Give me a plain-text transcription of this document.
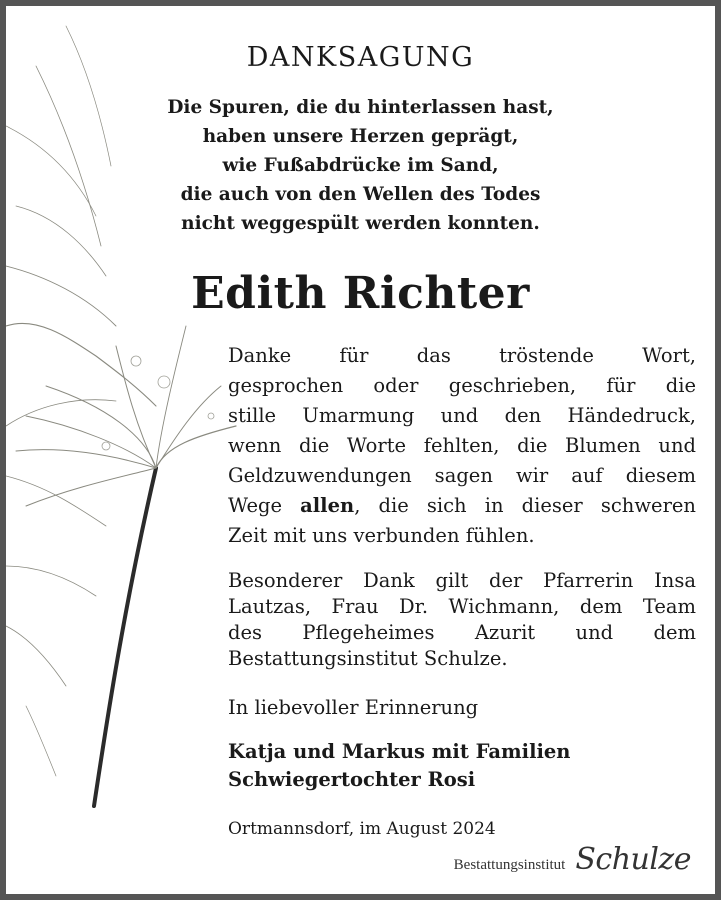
DANKSAGUNG
Die Spuren, die du hinterlassen hast,
haben unsere Herzen geprägt,
wie Fußabdrücke im Sand,
die auch von den Wellen des Todes
nicht weggespült werden konnten.
Edith Richter
Danke für das tröstende Wort,
gesprochen oder geschrieben, für die
stille Umarmung und den Händedruck,
wenn die Worte fehlten, die Blumen und
Geldzuwendungen sagen wir auf diesem
Wege allen, die sich in dieser schweren
Zeit mit uns verbunden fühlen.
Besonderer Dank gilt der Pfarrerin Insa
Lautzas, Frau Dr. Wichmann, dem Team
des Pflegeheimes Azurit und dem
Bestattungsinstitut Schulze.
In liebevoller Erinnerung
Katja und Markus mit Familien
Schwiegertochter Rosi
Ortmannsdorf, im August 2024
Bestattungsinstitut Schulze
